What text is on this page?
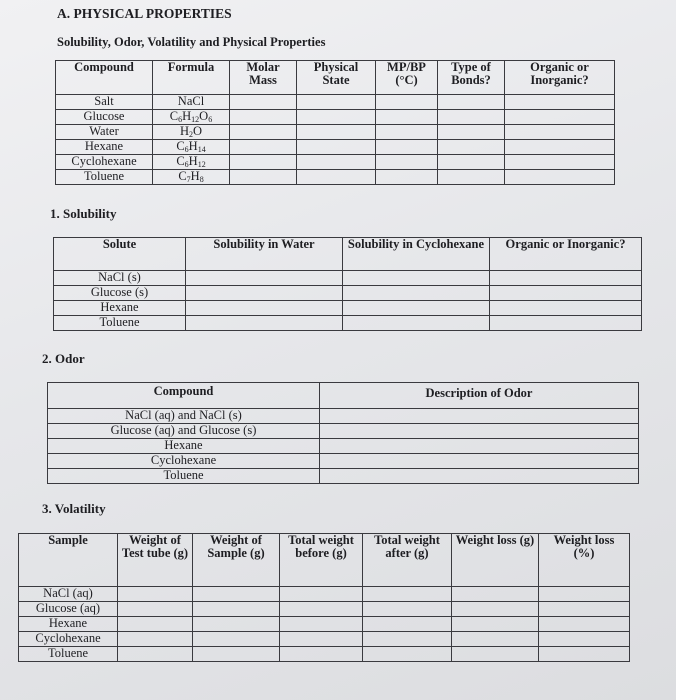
A. PHYSICAL PROPERTIES
Solubility, Odor, Volatility and Physical Properties
Compound	Formula	Molar Mass	Physical State	MP/BP (°C)	Type of Bonds?	Organic or Inorganic?
Salt	NaCl					
Glucose	$C_6H_{12}O_6$					
Water	$H_2O$					
Hexane	$C_6H_{14}$					
Cyclohexane	$C_6H_{12}$					
Toluene	$C_7H_8$					
1. Solubility
Solute	Solubility in Water	Solubility in Cyclohexane	Organic or Inorganic?
NaCl (s)			
Glucose (s)			
Hexane			
Toluene			
2. Odor
Compound	Description of Odor
NaCl (aq) and NaCl (s)	
Glucose (aq) and Glucose (s)	
Hexane	
Cyclohexane	
Toluene	
3. Volatility
Sample	Weight of Test tube (g)	Weight of Sample (g)	Total weight before (g)	Total weight after (g)	Weight loss (g)	Weight loss (%)
NaCl (aq)						
Glucose (aq)						
Hexane						
Cyclohexane						
Toluene						
